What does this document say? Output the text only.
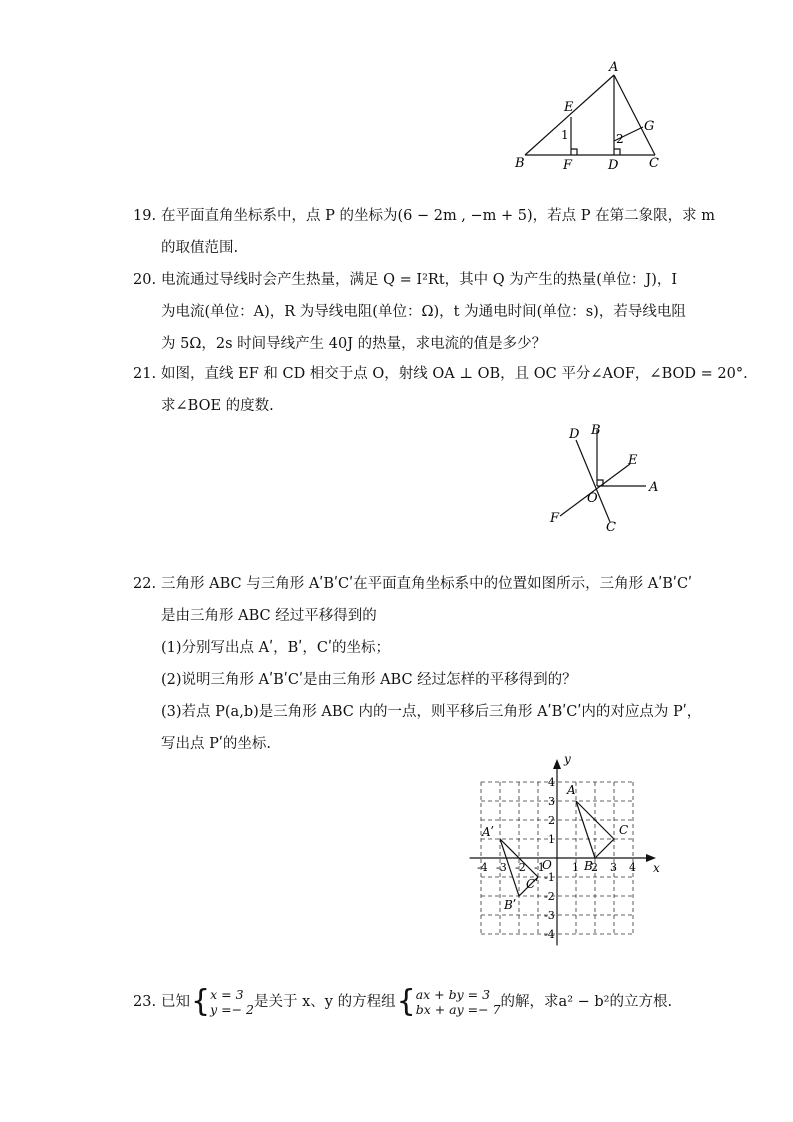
A
B	C
D
E
F
G
1	2
19. 在平面直角坐标系中，点 P 的坐标为(6 − 2m , −m + 5)，若点 P 在第二象限，求 m
的取值范围.
20. 电流通过导线时会产生热量，满足 Q = I²Rt，其中 Q 为产生的热量(单位：J)，I
为电流(单位：A)，R 为导线电阻(单位：Ω)，t 为通电时间(单位：s)，若导线电阻
为 5Ω，2s 时间导线产生 40J 的热量，求电流的值是多少？
21. 如图，直线 EF 和 CD 相交于点 O，射线 OA ⊥ OB，且 OC 平分∠AOF，∠BOD = 20°.
求∠BOE 的度数.
D B
E
A
O
F
C
22. 三角形 ABC 与三角形 AʹBʹCʹ在平面直角坐标系中的位置如图所示，三角形 AʹBʹCʹ
是由三角形 ABC 经过平移得到的
(1)分别写出点 Aʹ，Bʹ，Cʹ的坐标；
(2)说明三角形 AʹBʹCʹ是由三角形 ABC 经过怎样的平移得到的？
(3)若点 P(a,b)是三角形 ABC 内的一点，则平移后三角形 AʹBʹCʹ内的对应点为 Pʹ，
写出点 Pʹ的坐标.
-4 -3 -2 -1 1 2 3 4
4
3
2
1
-1
-2
-3
-4
x
y
O
A
B
C
Aʹ
Bʹ
Cʹ
23. 已知 { x = 3
y =− 2 是关于 x、y 的方程组 { ax + by = 3
bx + ay =− 7 的解，求a² − b²的立方根.
